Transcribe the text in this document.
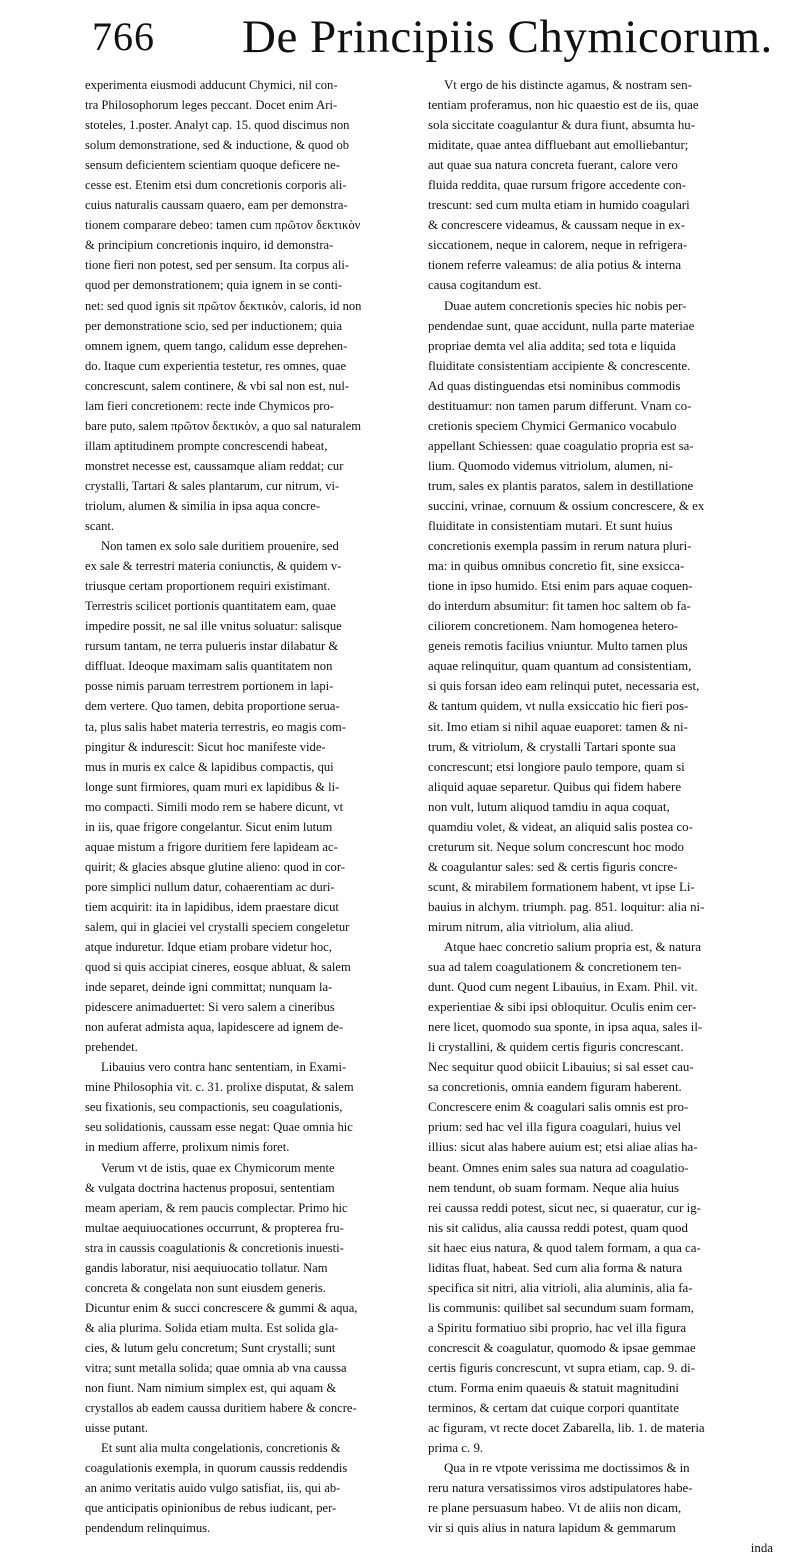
766 De Principiis Chymicorum.

experimenta eiusmodi adducunt Chymici, nil con-
tra Philosophorum leges peccant. Docet enim Ari-
stoteles, 1.poster. Analyt cap. 15. quod discimus non
solum demonstratione, sed & inductione, & quod ob
sensum deficientem scientiam quoque deficere ne-
cesse est. Etenim etsi dum concretionis corporis ali-
cuius naturalis caussam quaero, eam per demonstra-
tionem comparare debeo: tamen cum πρῶτον δεκτικὸν
& principium concretionis inquiro, id demonstra-
tione fieri non potest, sed per sensum. Ita corpus ali-
quod per demonstrationem; quia ignem in se conti-
net: sed quod ignis sit πρῶτον δεκτικὸν, caloris, id non
per demonstratione scio, sed per inductionem; quia
omnem ignem, quem tango, calidum esse deprehen-
do. Itaque cum experientia testetur, res omnes, quae
concrescunt, salem continere, & vbi sal non est, nul-
lam fieri concretionem: recte inde Chymicos pro-
bare puto, salem πρῶτον δεκτικὸν, a quo sal naturalem
illam aptitudinem prompte concrescendi habeat,
monstret necesse est, caussamque aliam reddat; cur
crystalli, Tartari & sales plantarum, cur nitrum, vi-
triolum, alumen & similia in ipsa aqua concre-
scant.

Non tamen ex solo sale duritiem prouenire, sed
ex sale & terrestri materia coniunctis, & quidem v-
triusque certam proportionem requiri existimant.
Terrestris scilicet portionis quantitatem eam, quae
impedire possit, ne sal ille vnitus soluatur: salisque
rursum tantam, ne terra pulueris instar dilabatur &
diffluat. Ideoque maximam salis quantitatem non
posse nimis paruam terrestrem portionem in lapi-
dem vertere. Quo tamen, debita proportione serua-
ta, plus salis habet materia terrestris, eo magis com-
pingitur & indurescit: Sicut hoc manifeste vide-
mus in muris ex calce & lapidibus compactis, qui
longe sunt firmiores, quam muri ex lapidibus & li-
mo compacti. Simili modo rem se habere dicunt, vt
in iis, quae frigore congelantur. Sicut enim lutum
aquae mistum a frigore duritiem fere lapideam ac-
quirit; & glacies absque glutine alieno: quod in cor-
pore simplici nullum datur, cohaerentiam ac duri-
tiem acquirit: ita in lapidibus, idem praestare dicut
salem, qui in glaciei vel crystalli speciem congeletur
atque induretur. Idque etiam probare videtur hoc,
quod si quis accipiat cineres, eosque abluat, & salem
inde separet, deinde igni committat; nunquam la-
pidescere animaduertet: Si vero salem a cineribus
non auferat admista aqua, lapidescere ad ignem de-
prehendet.

Libauius vero contra hanc sententiam, in Exami-
mine Philosophia vit. c. 31. prolixe disputat, & salem
seu fixationis, seu compactionis, seu coagulationis,
seu solidationis, caussam esse negat: Quae omnia hic
in medium afferre, prolixum nimis foret.

Verum vt de istis, quae ex Chymicorum mente
& vulgata doctrina hactenus proposui, sententiam
meam aperiam, & rem paucis complectar. Primo hic
multae aequiuocationes occurrunt, & propterea fru-
stra in caussis coagulationis & concretionis inuesti-
gandis laboratur, nisi aequiuocatio tollatur. Nam
concreta & congelata non sunt eiusdem generis.
Dicuntur enim & succi concrescere & gummi & aqua,
& alia plurima. Solida etiam multa. Est solida gla-
cies, & lutum gelu concretum; Sunt crystalli; sunt
vitra; sunt metalla solida; quae omnia ab vna caussa
non fiunt. Nam nimium simplex est, qui aquam &
crystallos ab eadem caussa duritiem habere & concre-
uisse putant.

Et sunt alia multa congelationis, concretionis &
coagulationis exempla, in quorum caussis reddendis
an animo veritatis auido vulgo satisfiat, iis, qui ab-
que anticipatis opinionibus de rebus iudicant, per-
pendendum relinquimus.

Vt ergo de his distincte agamus, & nostram sen-
tentiam proferamus, non hic quaestio est de iis, quae
sola siccitate coagulantur & dura fiunt, absumta hu-
miditate, quae antea diffluebant aut emolliebantur;
aut quae sua natura concreta fuerant, calore vero
fluida reddita, quae rursum frigore accedente con-
trescunt: sed cum multa etiam in humido coagulari
& concrescere videamus, & caussam neque in ex-
siccationem, neque in calorem, neque in refrigera-
tionem referre valeamus: de alia potius & interna
causa cogitandum est.

Duae autem concretionis species hic nobis per-
pendendae sunt, quae accidunt, nulla parte materiae
propriae demta vel alia addita; sed tota e liquida
fluiditate consistentiam accipiente & concrescente.
Ad quas distinguendas etsi nominibus commodis
destituamur: non tamen parum differunt. Vnam co-
cretionis speciem Chymici Germanico vocabulo
appellant Schiessen: quae coagulatio propria est sa-
lium. Quomodo videmus vitriolum, alumen, ni-
trum, sales ex plantis paratos, salem in destillatione
succini, vrinae, cornuum & ossium concrescere, & ex
fluiditate in consistentiam mutari. Et sunt huius
concretionis exempla passim in rerum natura pluri-
ma: in quibus omnibus concretio fit, sine exsicca-
tione in ipso humido. Etsi enim pars aquae coquen-
do interdum absumitur: fit tamen hoc saltem ob fa-
ciliorem concretionem. Nam homogenea hetero-
geneis remotis facilius vniuntur. Multo tamen plus
aquae relinquitur, quam quantum ad consistentiam,
si quis forsan ideo eam relinqui putet, necessaria est,
& tantum quidem, vt nulla exsiccatio hic fieri pos-
sit. Imo etiam si nihil aquae euaporet: tamen & ni-
trum, & vitriolum, & crystalli Tartari sponte sua
concrescunt; etsi longiore paulo tempore, quam si
aliquid aquae separetur. Quibus qui fidem habere
non vult, lutum aliquod tamdiu in aqua coquat,
quamdiu volet, & videat, an aliquid salis postea co-
creturum sit. Neque solum concrescunt hoc modo
& coagulantur sales: sed & certis figuris concre-
scunt, & mirabilem formationem habent, vt ipse Li-
bauius in alchym. triumph. pag. 851. loquitur: alia ni-
mirum nitrum, alia vitriolum, alia aliud.

Atque haec concretio salium propria est, & natura
sua ad talem coagulationem & concretionem ten-
dunt. Quod cum negent Libauius, in Exam. Phil. vit.
experientiae & sibi ipsi obloquitur. Oculis enim cer-
nere licet, quomodo sua sponte, in ipsa aqua, sales il-
li crystallini, & quidem certis figuris concrescant.
Nec sequitur quod obiicit Libauius; si sal esset cau-
sa concretionis, omnia eandem figuram haberent.
Concrescere enim & coagulari salis omnis est pro-
prium: sed hac vel illa figura coagulari, huius vel
illius: sicut alas habere auium est; etsi aliae alias ha-
beant. Omnes enim sales sua natura ad coagulatio-
nem tendunt, ob suam formam. Neque alia huius
rei caussa reddi potest, sicut nec, si quaeratur, cur ig-
nis sit calidus, alia caussa reddi potest, quam quod
sit haec eius natura, & quod talem formam, a qua ca-
liditas fluat, habeat. Sed cum alia forma & natura
specifica sit nitri, alia vitrioli, alia aluminis, alia fa-
lis communis: quilibet sal secundum suam formam,
a Spiritu formatiuo sibi proprio, hac vel illa figura
concrescit & coagulatur, quomodo & ipsae gemmae
certis figuris concrescunt, vt supra etiam, cap. 9. di-
ctum. Forma enim quaeuis & statuit magnitudini
terminos, & certam dat cuique corpori quantitate
ac figuram, vt recte docet Zabarella, lib. 1. de materia
prima c. 9.

Qua in re vtpote verissima me doctissimos & in
reru natura versatissimos viros adstipulatores habe-
re plane persuasum habeo. Vt de aliis non dicam,
vir si quis alius in natura lapidum & gemmarum

inda
